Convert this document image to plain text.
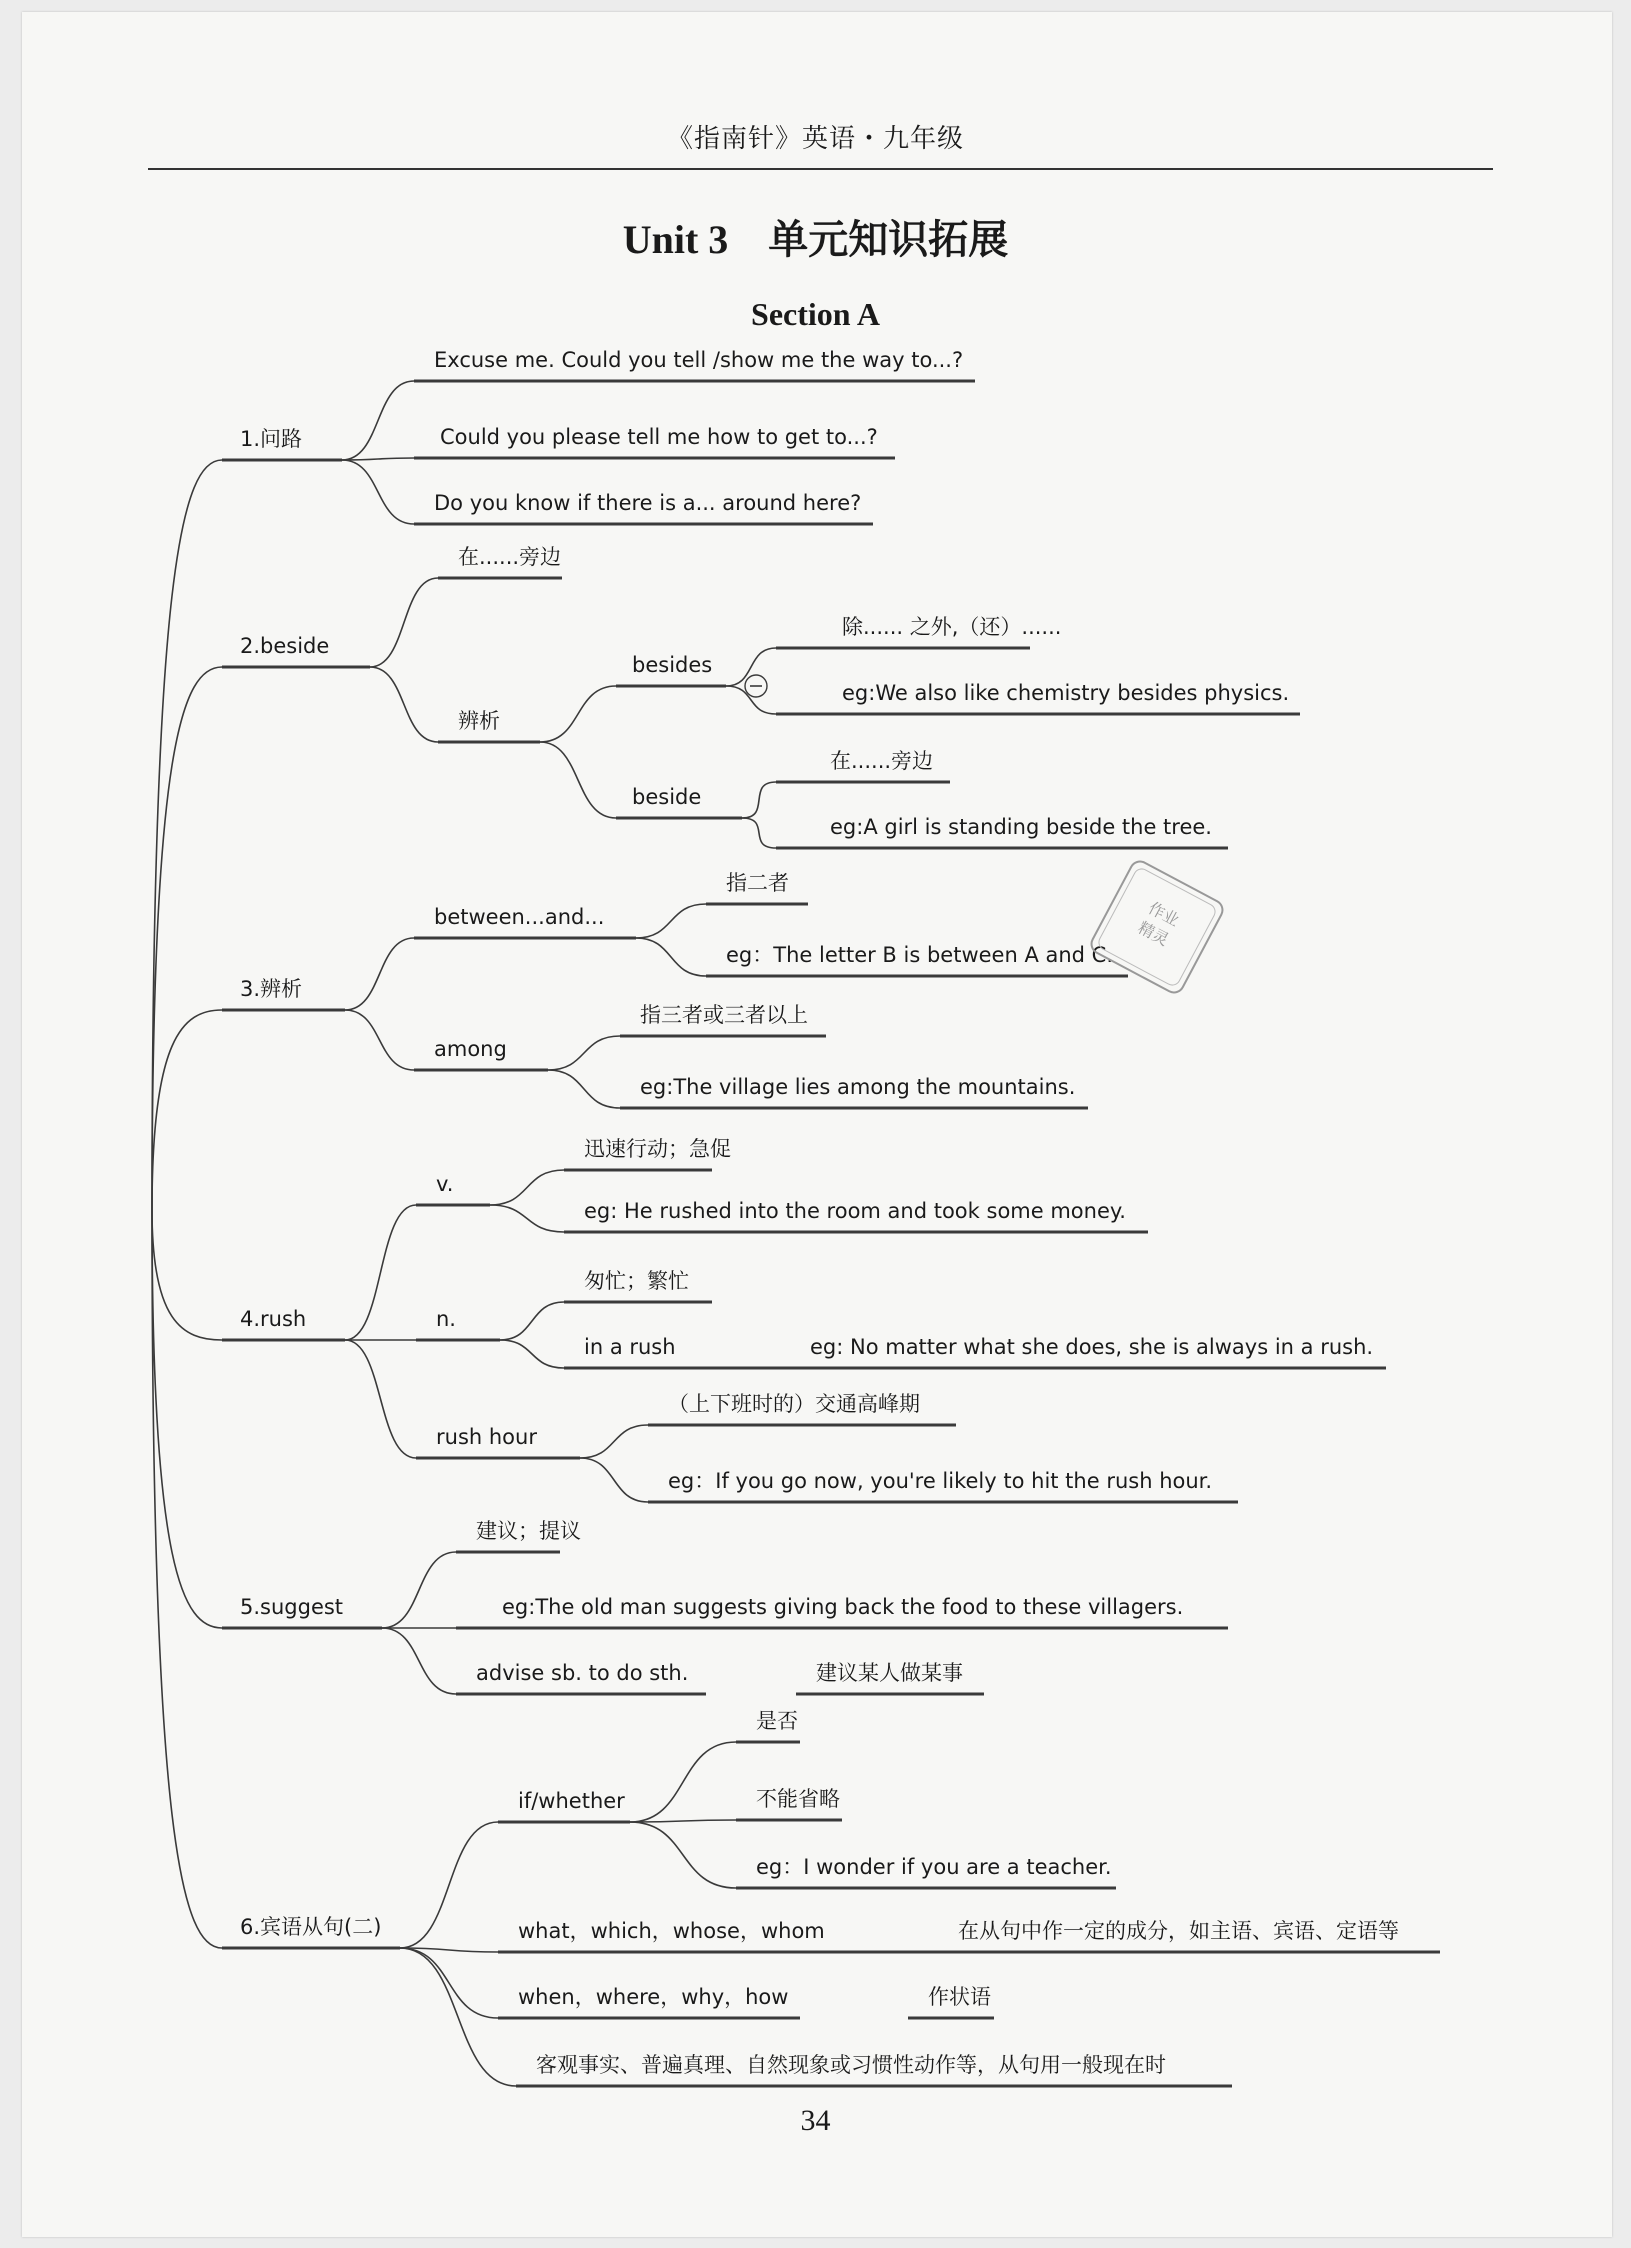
《指南针》英语・九年级
Unit 3　单元知识拓展
Section A
1.问路
Excuse me. Could you tell /show me the way to...?
Could you please tell me how to get to...?
Do you know if there is a... around here?
2.beside
在......旁边
辨析
besides
除...... 之外,（还）......
eg:We also like chemistry besides physics.
beside
在......旁边
eg:A girl is standing beside the tree.
3.辨析
between...and...
指二者
eg：The letter B is between A and C.
among
指三者或三者以上
eg:The village lies among the mountains.
4.rush
v.
迅速行动；急促
eg: He rushed into the room and took some money.
n.
匆忙；繁忙
in a rush	eg: No matter what she does, she is always in a rush.
rush hour
（上下班时的）交通高峰期
eg：If you go now, you're likely to hit the rush hour.
5.suggest
建议；提议
eg:The old man suggests giving back the food to these villagers.
advise sb. to do sth.	建议某人做某事
6.宾语从句(二)
if/whether
是否
不能省略
eg：I wonder if you are a teacher.
what，which，whose，whom	在从句中作一定的成分，如主语、宾语、定语等
when，where，why，how	作状语
客观事实、普遍真理、自然现象或习惯性动作等，从句用一般现在时
作业
精灵
34
